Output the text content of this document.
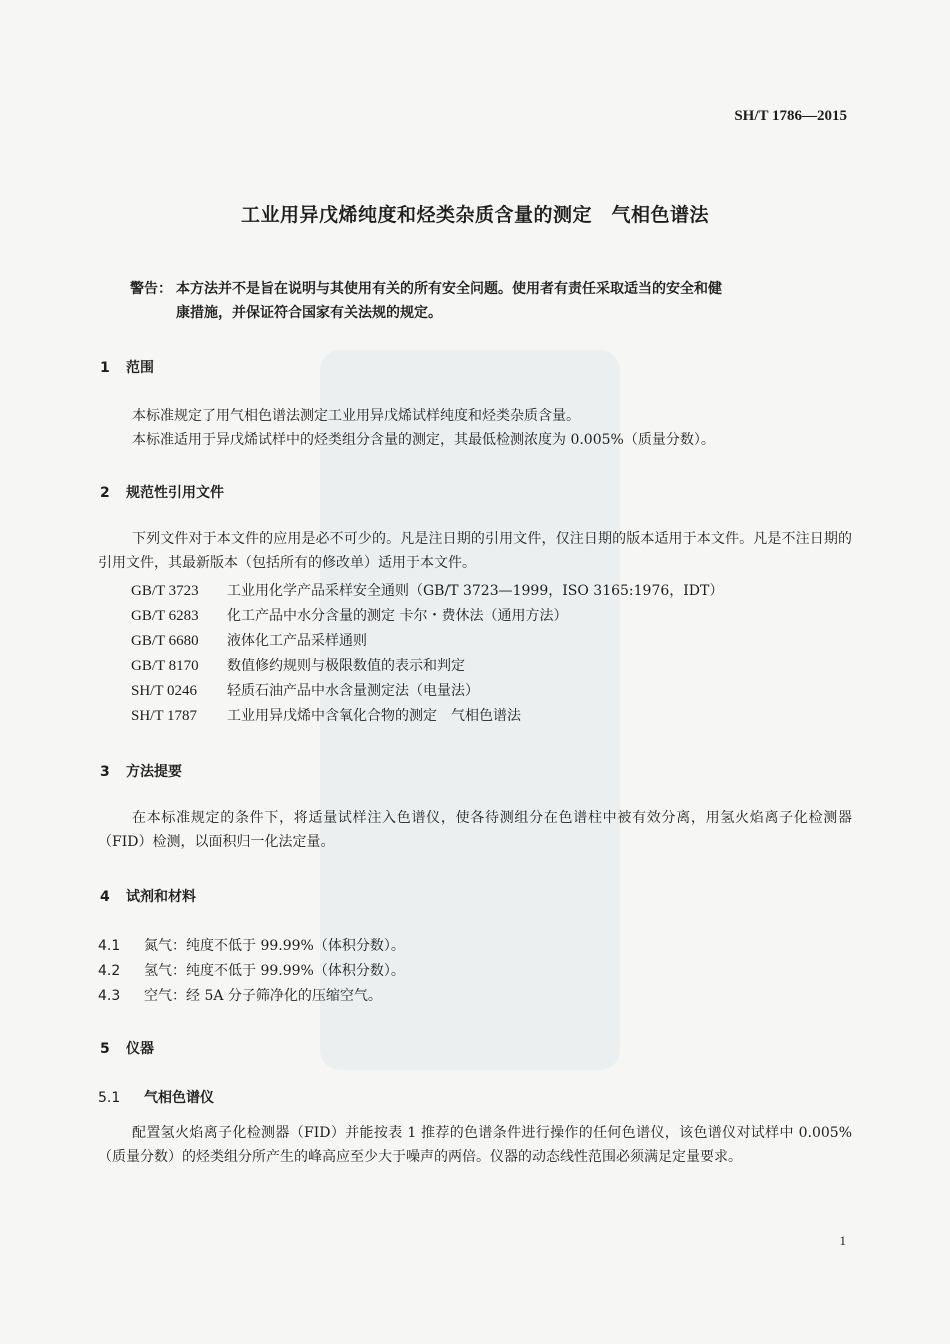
SH/T 1786—2015
工业用异戊烯纯度和烃类杂质含量的测定　气相色谱法
警告： 本方法并不是旨在说明与其使用有关的所有安全问题。使用者有责任采取适当的安全和健
康措施，并保证符合国家有关法规的规定。
1 范围
本标准规定了用气相色谱法测定工业用异戊烯试样纯度和烃类杂质含量。
本标准适用于异戊烯试样中的烃类组分含量的测定，其最低检测浓度为 0.005%（质量分数）。
2 规范性引用文件
下列文件对于本文件的应用是必不可少的。凡是注日期的引用文件，仅注日期的版本适用于本文件。凡是不注日期的引用文件，其最新版本（包括所有的修改单）适用于本文件。
GB/T 3723 工业用化学产品采样安全通则（GB/T 3723—1999，ISO 3165:1976，IDT）
GB/T 6283 化工产品中水分含量的测定 卡尔・费休法（通用方法）
GB/T 6680 液体化工产品采样通则
GB/T 8170 数值修约规则与极限数值的表示和判定
SH/T 0246 轻质石油产品中水含量测定法（电量法）
SH/T 1787 工业用异戊烯中含氧化合物的测定　气相色谱法
3 方法提要
在本标准规定的条件下，将适量试样注入色谱仪，使各待测组分在色谱柱中被有效分离，用氢火焰离子化检测器（FID）检测，以面积归一化法定量。
4 试剂和材料
4.1 氮气：纯度不低于 99.99%（体积分数）。
4.2 氢气：纯度不低于 99.99%（体积分数）。
4.3 空气：经 5A 分子筛净化的压缩空气。
5 仪器
5.1 气相色谱仪
配置氢火焰离子化检测器（FID）并能按表 1 推荐的色谱条件进行操作的任何色谱仪，该色谱仪对试样中 0.005%（质量分数）的烃类组分所产生的峰高应至少大于噪声的两倍。仪器的动态线性范围必须满足定量要求。
1
